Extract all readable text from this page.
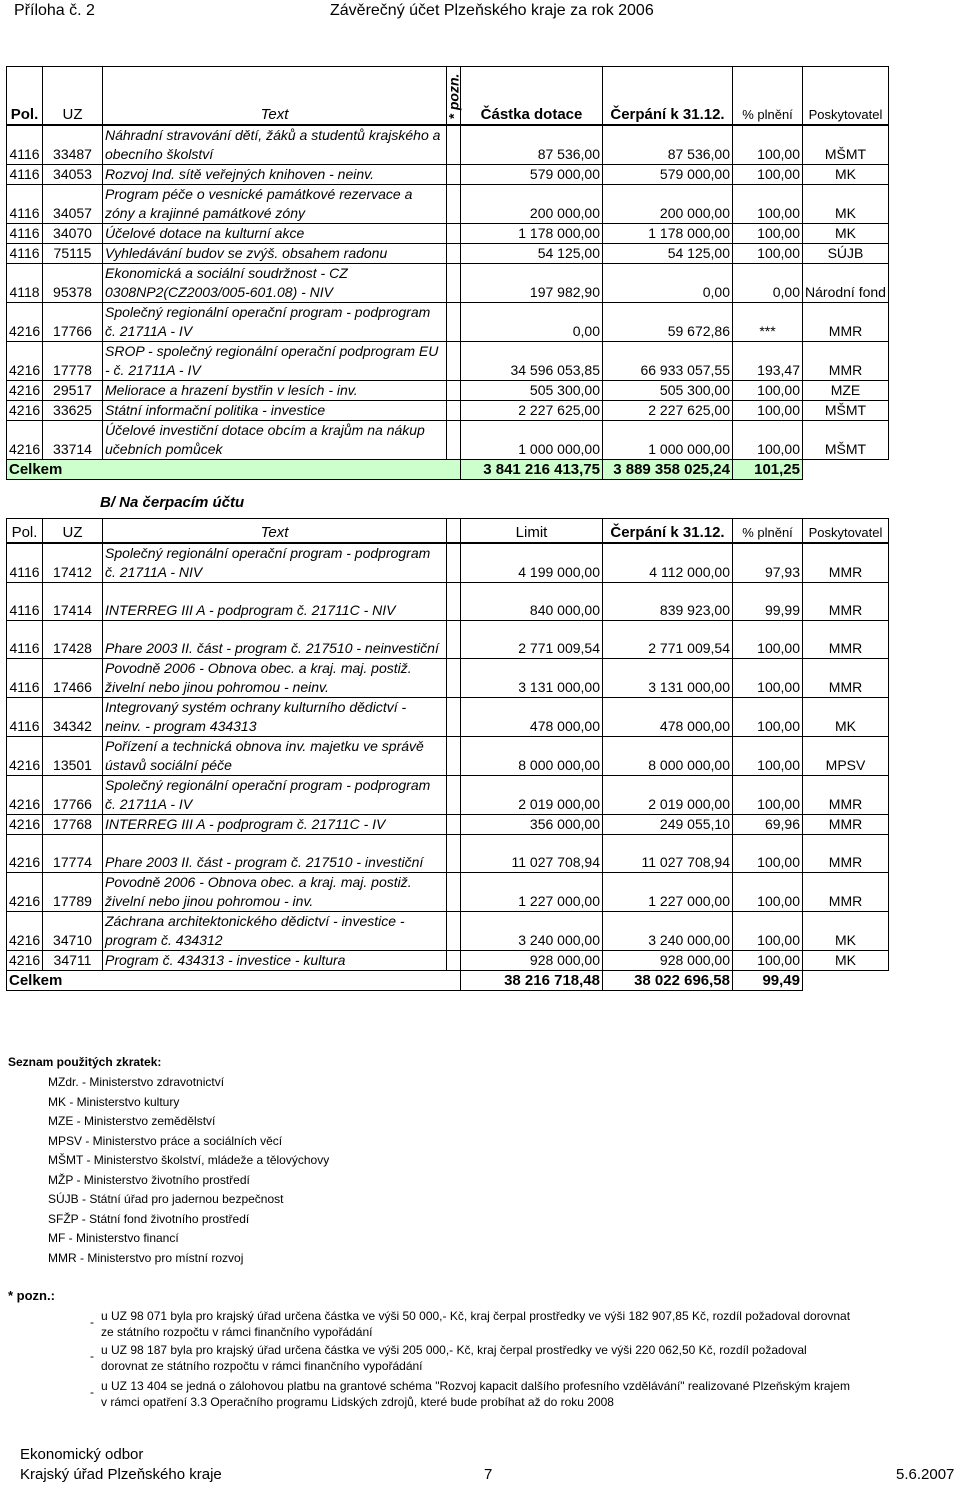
Příloha č. 2	Závěrečný účet Plzeňského kraje za rok 2006
Pol.	UZ	Text	* pozn.	Částka dotace	Čerpání k 31.12.	% plnění	Poskytovatel
4116	33487	Náhradní stravování dětí, žáků a studentů krajského a obecního školství		87 536,00	87 536,00	100,00	MŠMT
4116	34053	Rozvoj Ind. sítě veřejných knihoven - neinv.		579 000,00	579 000,00	100,00	MK
4116	34057	Program péče o vesnické památkové rezervace a zóny a krajinné památkové zóny		200 000,00	200 000,00	100,00	MK
4116	34070	Účelové dotace na kulturní akce		1 178 000,00	1 178 000,00	100,00	MK
4116	75115	Vyhledávání budov se zvýš. obsahem radonu		54 125,00	54 125,00	100,00	SÚJB
4118	95378	Ekonomická a sociální soudržnost - CZ 0308NP2(CZ2003/005-601.08) - NIV		197 982,90	0,00	0,00	Národní fond
4216	17766	Společný regionální operační program - podprogram č. 21711A - IV		0,00	59 672,86	***	MMR
4216	17778	SROP - společný regionální operační podprogram EU - č. 21711A - IV		34 596 053,85	66 933 057,55	193,47	MMR
4216	29517	Meliorace a hrazení bystřin v lesích - inv.		505 300,00	505 300,00	100,00	MZE
4216	33625	Státní informační politika - investice		2 227 625,00	2 227 625,00	100,00	MŠMT
4216	33714	Účelové investiční dotace obcím a krajům na nákup učebních pomůcek		1 000 000,00	1 000 000,00	100,00	MŠMT
Celkem				3 841 216 413,75	3 889 358 025,24	101,25	
B/ Na čerpacím účtu
Pol.	UZ	Text		Limit	Čerpání k 31.12.	% plnění	Poskytovatel
4116	17412	Společný regionální operační program - podprogram č. 21711A - NIV		4 199 000,00	4 112 000,00	97,93	MMR
4116	17414	INTERREG III A - podprogram č. 21711C - NIV		840 000,00	839 923,00	99,99	MMR
4116	17428	Phare 2003 II. část - program č. 217510 - neinvestiční		2 771 009,54	2 771 009,54	100,00	MMR
4116	17466	Povodně 2006 - Obnova obec. a kraj. maj. postiž. živelní nebo jinou pohromou - neinv.		3 131 000,00	3 131 000,00	100,00	MMR
4116	34342	Integrovaný systém ochrany kulturního dědictví - neinv. - program 434313		478 000,00	478 000,00	100,00	MK
4216	13501	Pořízení a technická obnova inv. majetku ve správě ústavů sociální péče		8 000 000,00	8 000 000,00	100,00	MPSV
4216	17766	Společný regionální operační program - podprogram č. 21711A - IV		2 019 000,00	2 019 000,00	100,00	MMR
4216	17768	INTERREG III A - podprogram č. 21711C - IV		356 000,00	249 055,10	69,96	MMR
4216	17774	Phare 2003 II. část - program č. 217510 - investiční		11 027 708,94	11 027 708,94	100,00	MMR
4216	17789	Povodně 2006 - Obnova obec. a kraj. maj. postiž. živelní nebo jinou pohromou - inv.		1 227 000,00	1 227 000,00	100,00	MMR
4216	34710	Záchrana architektonického dědictví - investice - program č. 434312		3 240 000,00	3 240 000,00	100,00	MK
4216	34711	Program č. 434313 - investice - kultura		928 000,00	928 000,00	100,00	MK
Celkem				38 216 718,48	38 022 696,58	99,49	
Seznam použitých zkratek:
MZdr. - Ministerstvo zdravotnictví
MK - Ministerstvo kultury
MZE - Ministerstvo zemědělství
MPSV - Ministerstvo práce a sociálních věcí
MŠMT - Ministerstvo školství, mládeže a tělovýchovy
MŽP - Ministerstvo životního prostředí
SÚJB - Státní úřad pro jadernou bezpečnost
SFŽP - Státní fond životního prostředí
MF - Ministerstvo financí
MMR - Ministerstvo pro místní rozvoj
* pozn.:
- u UZ 98 071 byla pro krajský úřad určena částka ve výši 50 000,- Kč, kraj čerpal prostředky ve výši 182 907,85 Kč, rozdíl požadoval dorovnat
ze státního rozpočtu v rámci finančního vypořádání
- u UZ 98 187 byla pro krajský úřad určena částka ve výši 205 000,- Kč, kraj čerpal prostředky ve výši 220 062,50 Kč, rozdíl požadoval
dorovnat ze státního rozpočtu v rámci finančního vypořádání
- u UZ 13 404 se jedná o zálohovou platbu na grantové schéma "Rozvoj kapacit dalšího profesního vzdělávání" realizované Plzeňským krajem
v rámci opatření 3.3 Operačního programu Lidských zdrojů, které bude probíhat až do roku 2008
Ekonomický odbor
Krajský úřad Plzeňského kraje	7	5.6.2007
